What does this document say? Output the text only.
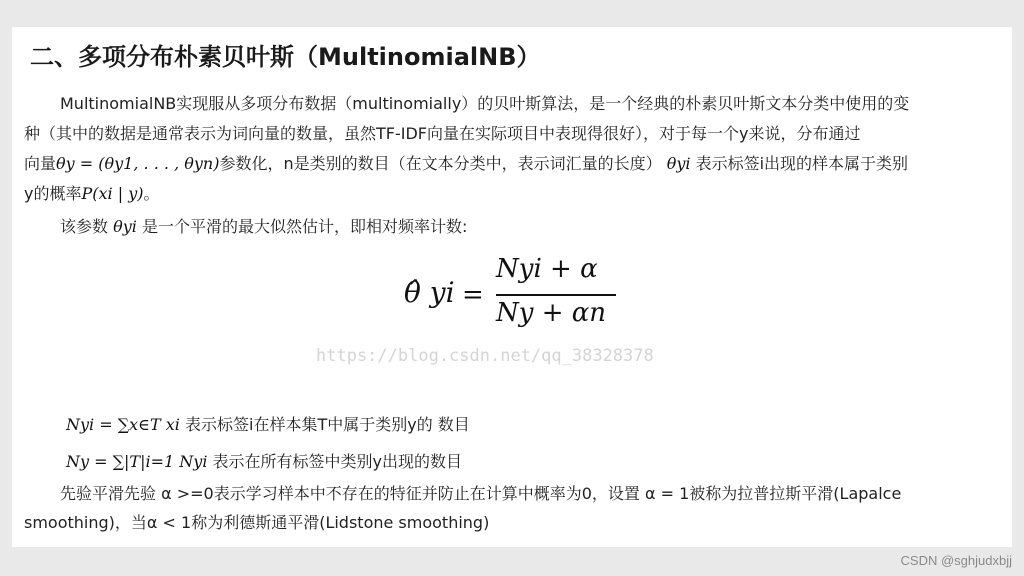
二、多项分布朴素贝叶斯（MultinomialNB）
MultinomialNB实现服从多项分布数据（multinomially）的贝叶斯算法，是一个经典的朴素贝叶斯文本分类中使用的变
种（其中的数据是通常表示为词向量的数量，虽然TF-IDF向量在实际项目中表现得很好），对于每一个y来说，分布通过
向量θy = (θy1, . . . , θyn)参数化，n是类别的数目（在文本分类中，表示词汇量的长度） θyi 表示标签i出现的样本属于类别
y的概率P(xi | y)。
该参数 θyi 是一个平滑的最大似然估计，即相对频率计数:
https://blog.csdn.net/qq_38328378
θ̂ yi =
Nyi + α
Ny + αn
Nyi = ∑x∈T xi 表示标签i在样本集T中属于类别y的 数目
Ny = ∑|T|i=1 Nyi 表示在所有标签中类别y出现的数目
先验平滑先验 α >=0表示学习样本中不存在的特征并防止在计算中概率为0，设置 α = 1被称为拉普拉斯平滑(Lapalce
smoothing)，当α < 1称为利德斯通平滑(Lidstone smoothing)
CSDN @sghjudxbjj
